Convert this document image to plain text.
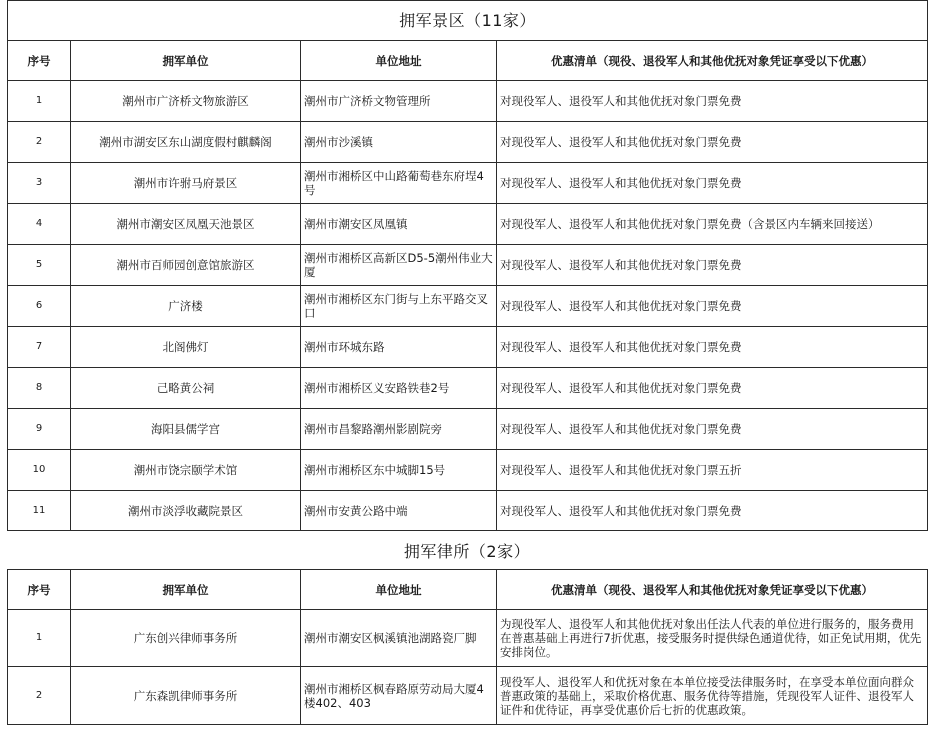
拥军景区（11家）			
序号	拥军单位	单位地址	优惠清单（现役、退役军人和其他优抚对象凭证享受以下优惠）
1	潮州市广济桥文物旅游区	潮州市广济桥文物管理所	对现役军人、退役军人和其他优抚对象门票免费
2	潮州市湖安区东山湖度假村麒麟阁	潮州市沙溪镇	对现役军人、退役军人和其他优抚对象门票免费
3	潮州市许驸马府景区	潮州市湘桥区中山路葡萄巷东府埕4号	对现役军人、退役军人和其他优抚对象门票免费
4	潮州市潮安区凤凰天池景区	潮州市潮安区凤凰镇	对现役军人、退役军人和其他优抚对象门票免费（含景区内车辆来回接送）
5	潮州市百师园创意馆旅游区	潮州市湘桥区高新区D5-5潮州伟业大厦	对现役军人、退役军人和其他优抚对象门票免费
6	广济楼	潮州市湘桥区东门街与上东平路交叉口	对现役军人、退役军人和其他优抚对象门票免费
7	北阁佛灯	潮州市环城东路	对现役军人、退役军人和其他优抚对象门票免费
8	己略黄公祠	潮州市湘桥区义安路铁巷2号	对现役军人、退役军人和其他优抚对象门票免费
9	海阳县儒学宫	潮州市昌黎路潮州影剧院旁	对现役军人、退役军人和其他优抚对象门票免费
10	潮州市饶宗颐学术馆	潮州市湘桥区东中城脚15号	对现役军人、退役军人和其他优抚对象门票五折
11	潮州市淡浮收藏院景区	潮州市安黄公路中端	对现役军人、退役军人和其他优抚对象门票免费
拥军律所（2家）
序号	拥军单位	单位地址	优惠清单（现役、退役军人和其他优抚对象凭证享受以下优惠）
1	广东创兴律师事务所	潮州市潮安区枫溪镇池湖路瓷厂脚	为现役军人、退役军人和其他优抚对象出任法人代表的单位进行服务的，服务费用在普惠基础上再进行7折优惠，接受服务时提供绿色通道优待，如正免试用期，优先安排岗位。
2	广东森凯律师事务所	潮州市湘桥区枫春路原劳动局大厦4楼402、403	现役军人、退役军人和优抚对象在本单位接受法律服务时，在享受本单位面向群众普惠政策的基础上，采取价格优惠、服务优待等措施，凭现役军人证件、退役军人证件和优待证，再享受优惠价后七折的优惠政策。
